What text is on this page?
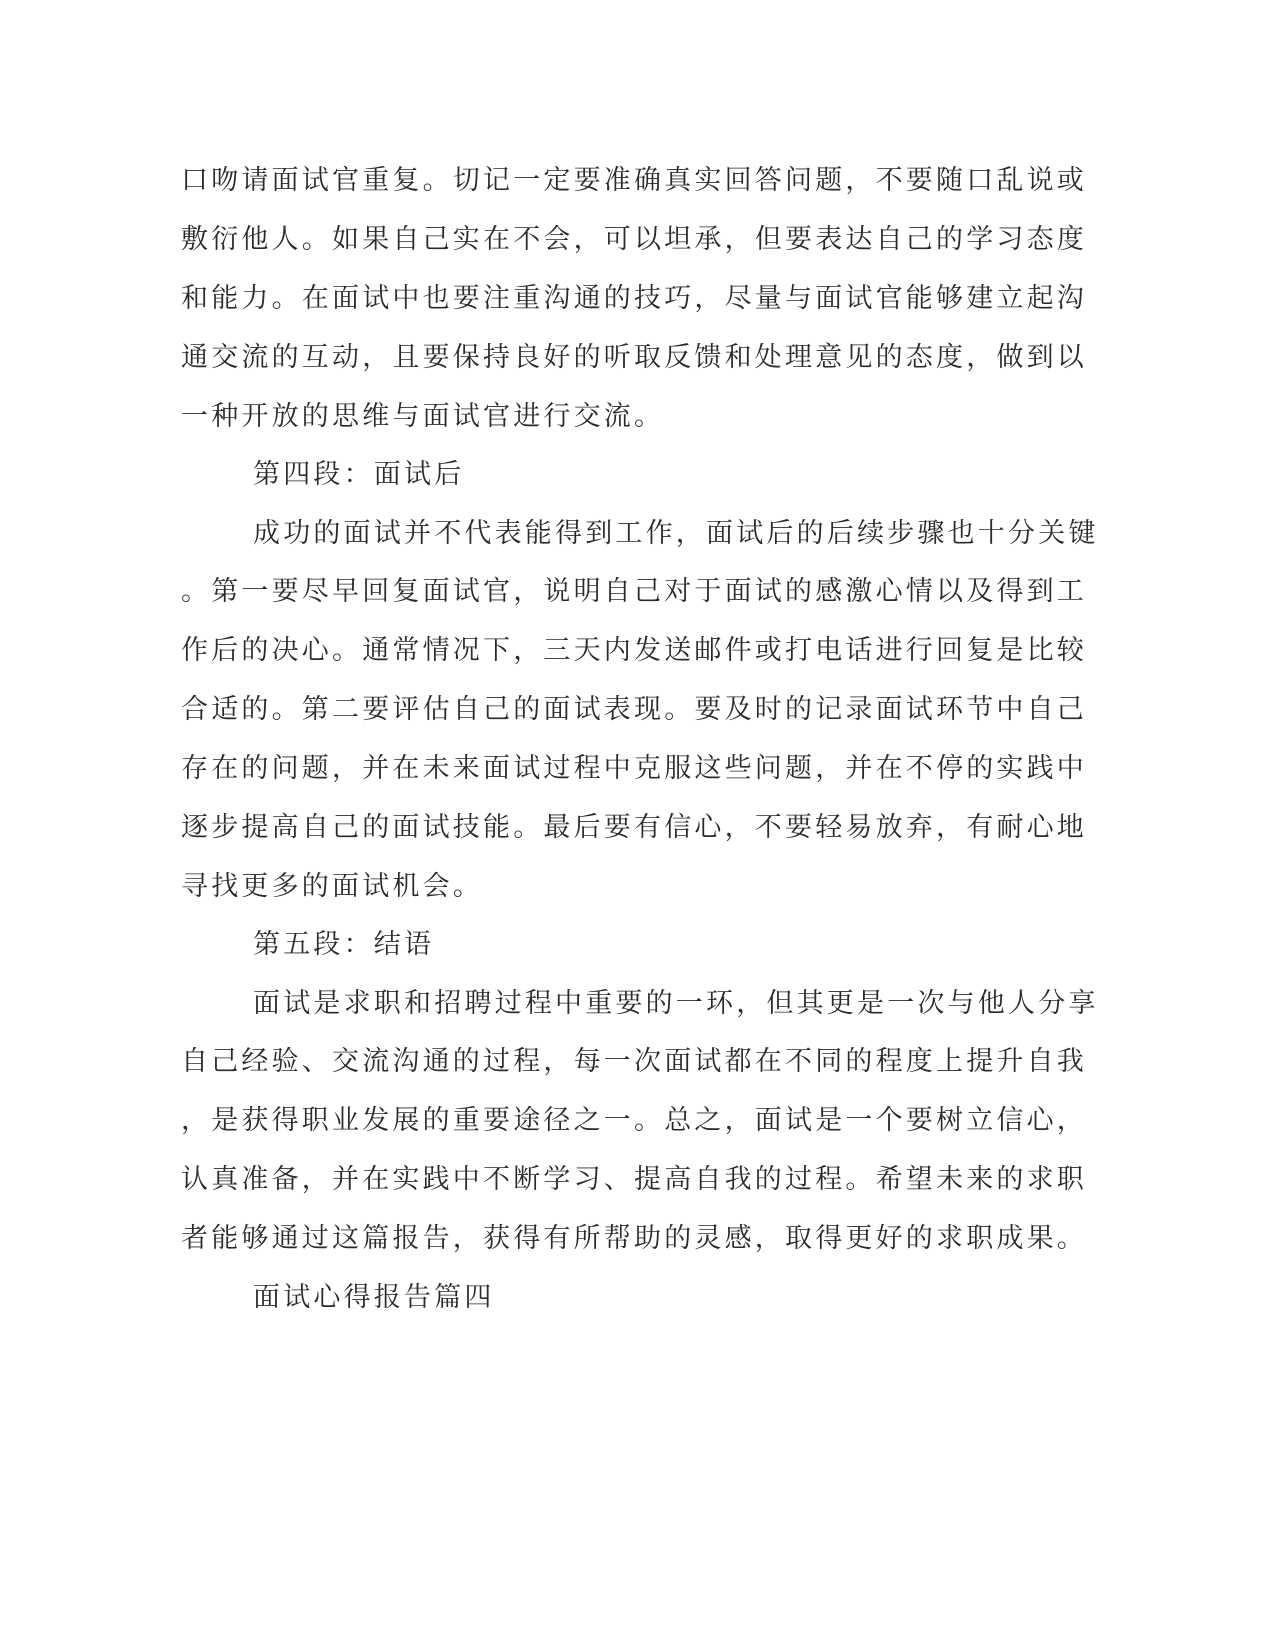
口吻请面试官重复。切记一定要准确真实回答问题，不要随口乱说或
敷衍他人。如果自己实在不会，可以坦承，但要表达自己的学习态度
和能力。在面试中也要注重沟通的技巧，尽量与面试官能够建立起沟
通交流的互动，且要保持良好的听取反馈和处理意见的态度，做到以
一种开放的思维与面试官进行交流。
第四段：面试后
成功的面试并不代表能得到工作，面试后的后续步骤也十分关键
。第一要尽早回复面试官，说明自己对于面试的感激心情以及得到工
作后的决心。通常情况下，三天内发送邮件或打电话进行回复是比较
合适的。第二要评估自己的面试表现。要及时的记录面试环节中自己
存在的问题，并在未来面试过程中克服这些问题，并在不停的实践中
逐步提高自己的面试技能。最后要有信心，不要轻易放弃，有耐心地
寻找更多的面试机会。
第五段：结语
面试是求职和招聘过程中重要的一环，但其更是一次与他人分享
自己经验、交流沟通的过程，每一次面试都在不同的程度上提升自我
，是获得职业发展的重要途径之一。总之，面试是一个要树立信心，
认真准备，并在实践中不断学习、提高自我的过程。希望未来的求职
者能够通过这篇报告，获得有所帮助的灵感，取得更好的求职成果。
面试心得报告篇四
